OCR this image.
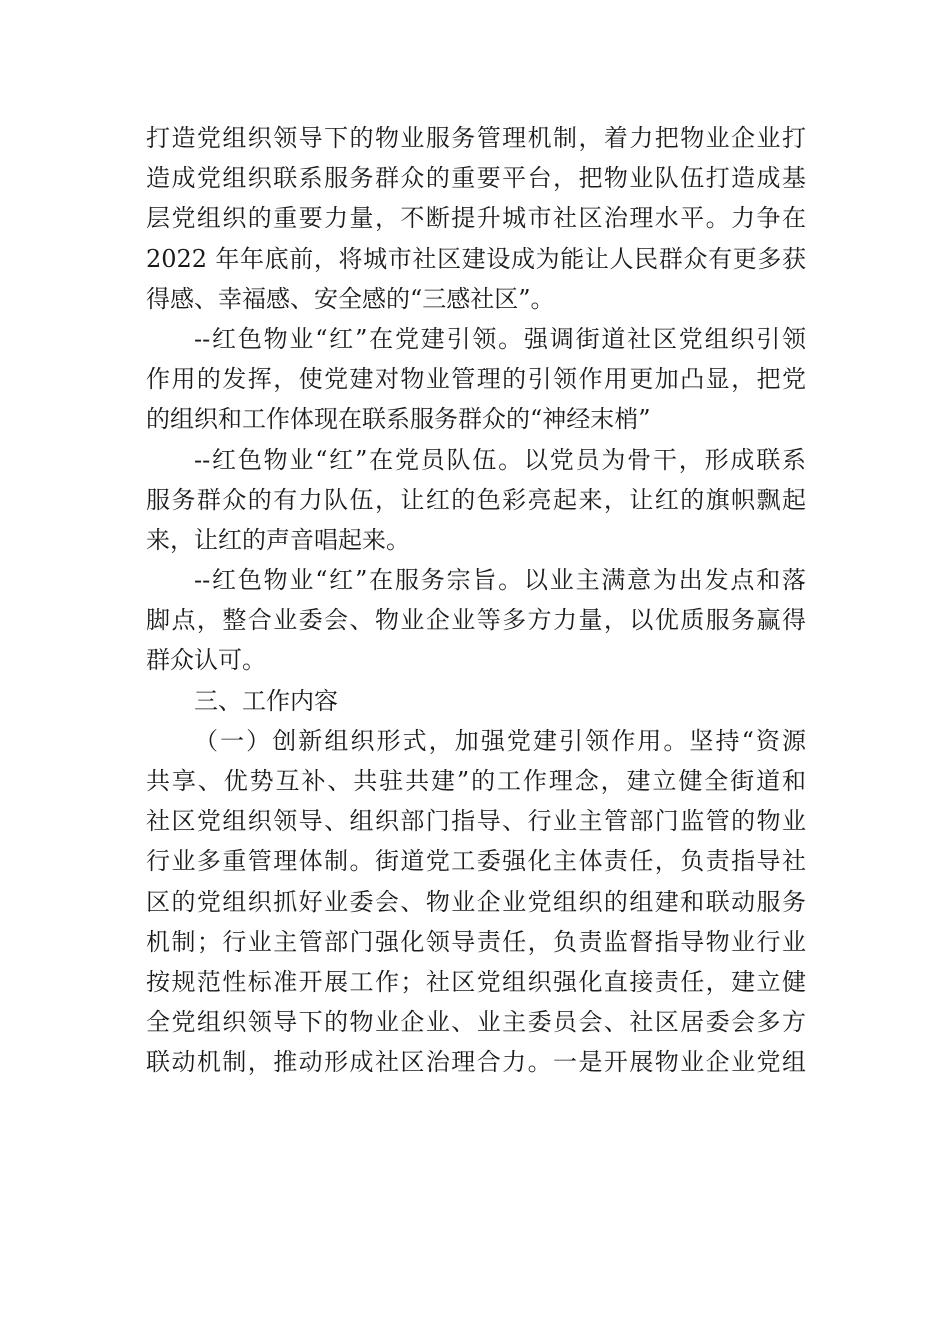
打造党组织领导下的物业服务管理机制，着力把物业企业打
造成党组织联系服务群众的重要平台，把物业队伍打造成基
层党组织的重要力量，不断提升城市社区治理水平。力争在
2022 年年底前，将城市社区建设成为能让人民群众有更多获
得感、幸福感、安全感的“三感社区”。
--红色物业“红”在党建引领。强调街道社区党组织引领
作用的发挥，使党建对物业管理的引领作用更加凸显，把党
的组织和工作体现在联系服务群众的“神经末梢”
--红色物业“红”在党员队伍。以党员为骨干，形成联系
服务群众的有力队伍，让红的色彩亮起来，让红的旗帜飘起
来，让红的声音唱起来。
--红色物业“红”在服务宗旨。以业主满意为出发点和落
脚点，整合业委会、物业企业等多方力量，以优质服务赢得
群众认可。
三、工作内容
（一）创新组织形式，加强党建引领作用。坚持“资源
共享、优势互补、共驻共建”的工作理念，建立健全街道和
社区党组织领导、组织部门指导、行业主管部门监管的物业
行业多重管理体制。街道党工委强化主体责任，负责指导社
区的党组织抓好业委会、物业企业党组织的组建和联动服务
机制；行业主管部门强化领导责任，负责监督指导物业行业
按规范性标准开展工作；社区党组织强化直接责任，建立健
全党组织领导下的物业企业、业主委员会、社区居委会多方
联动机制，推动形成社区治理合力。一是开展物业企业党组
